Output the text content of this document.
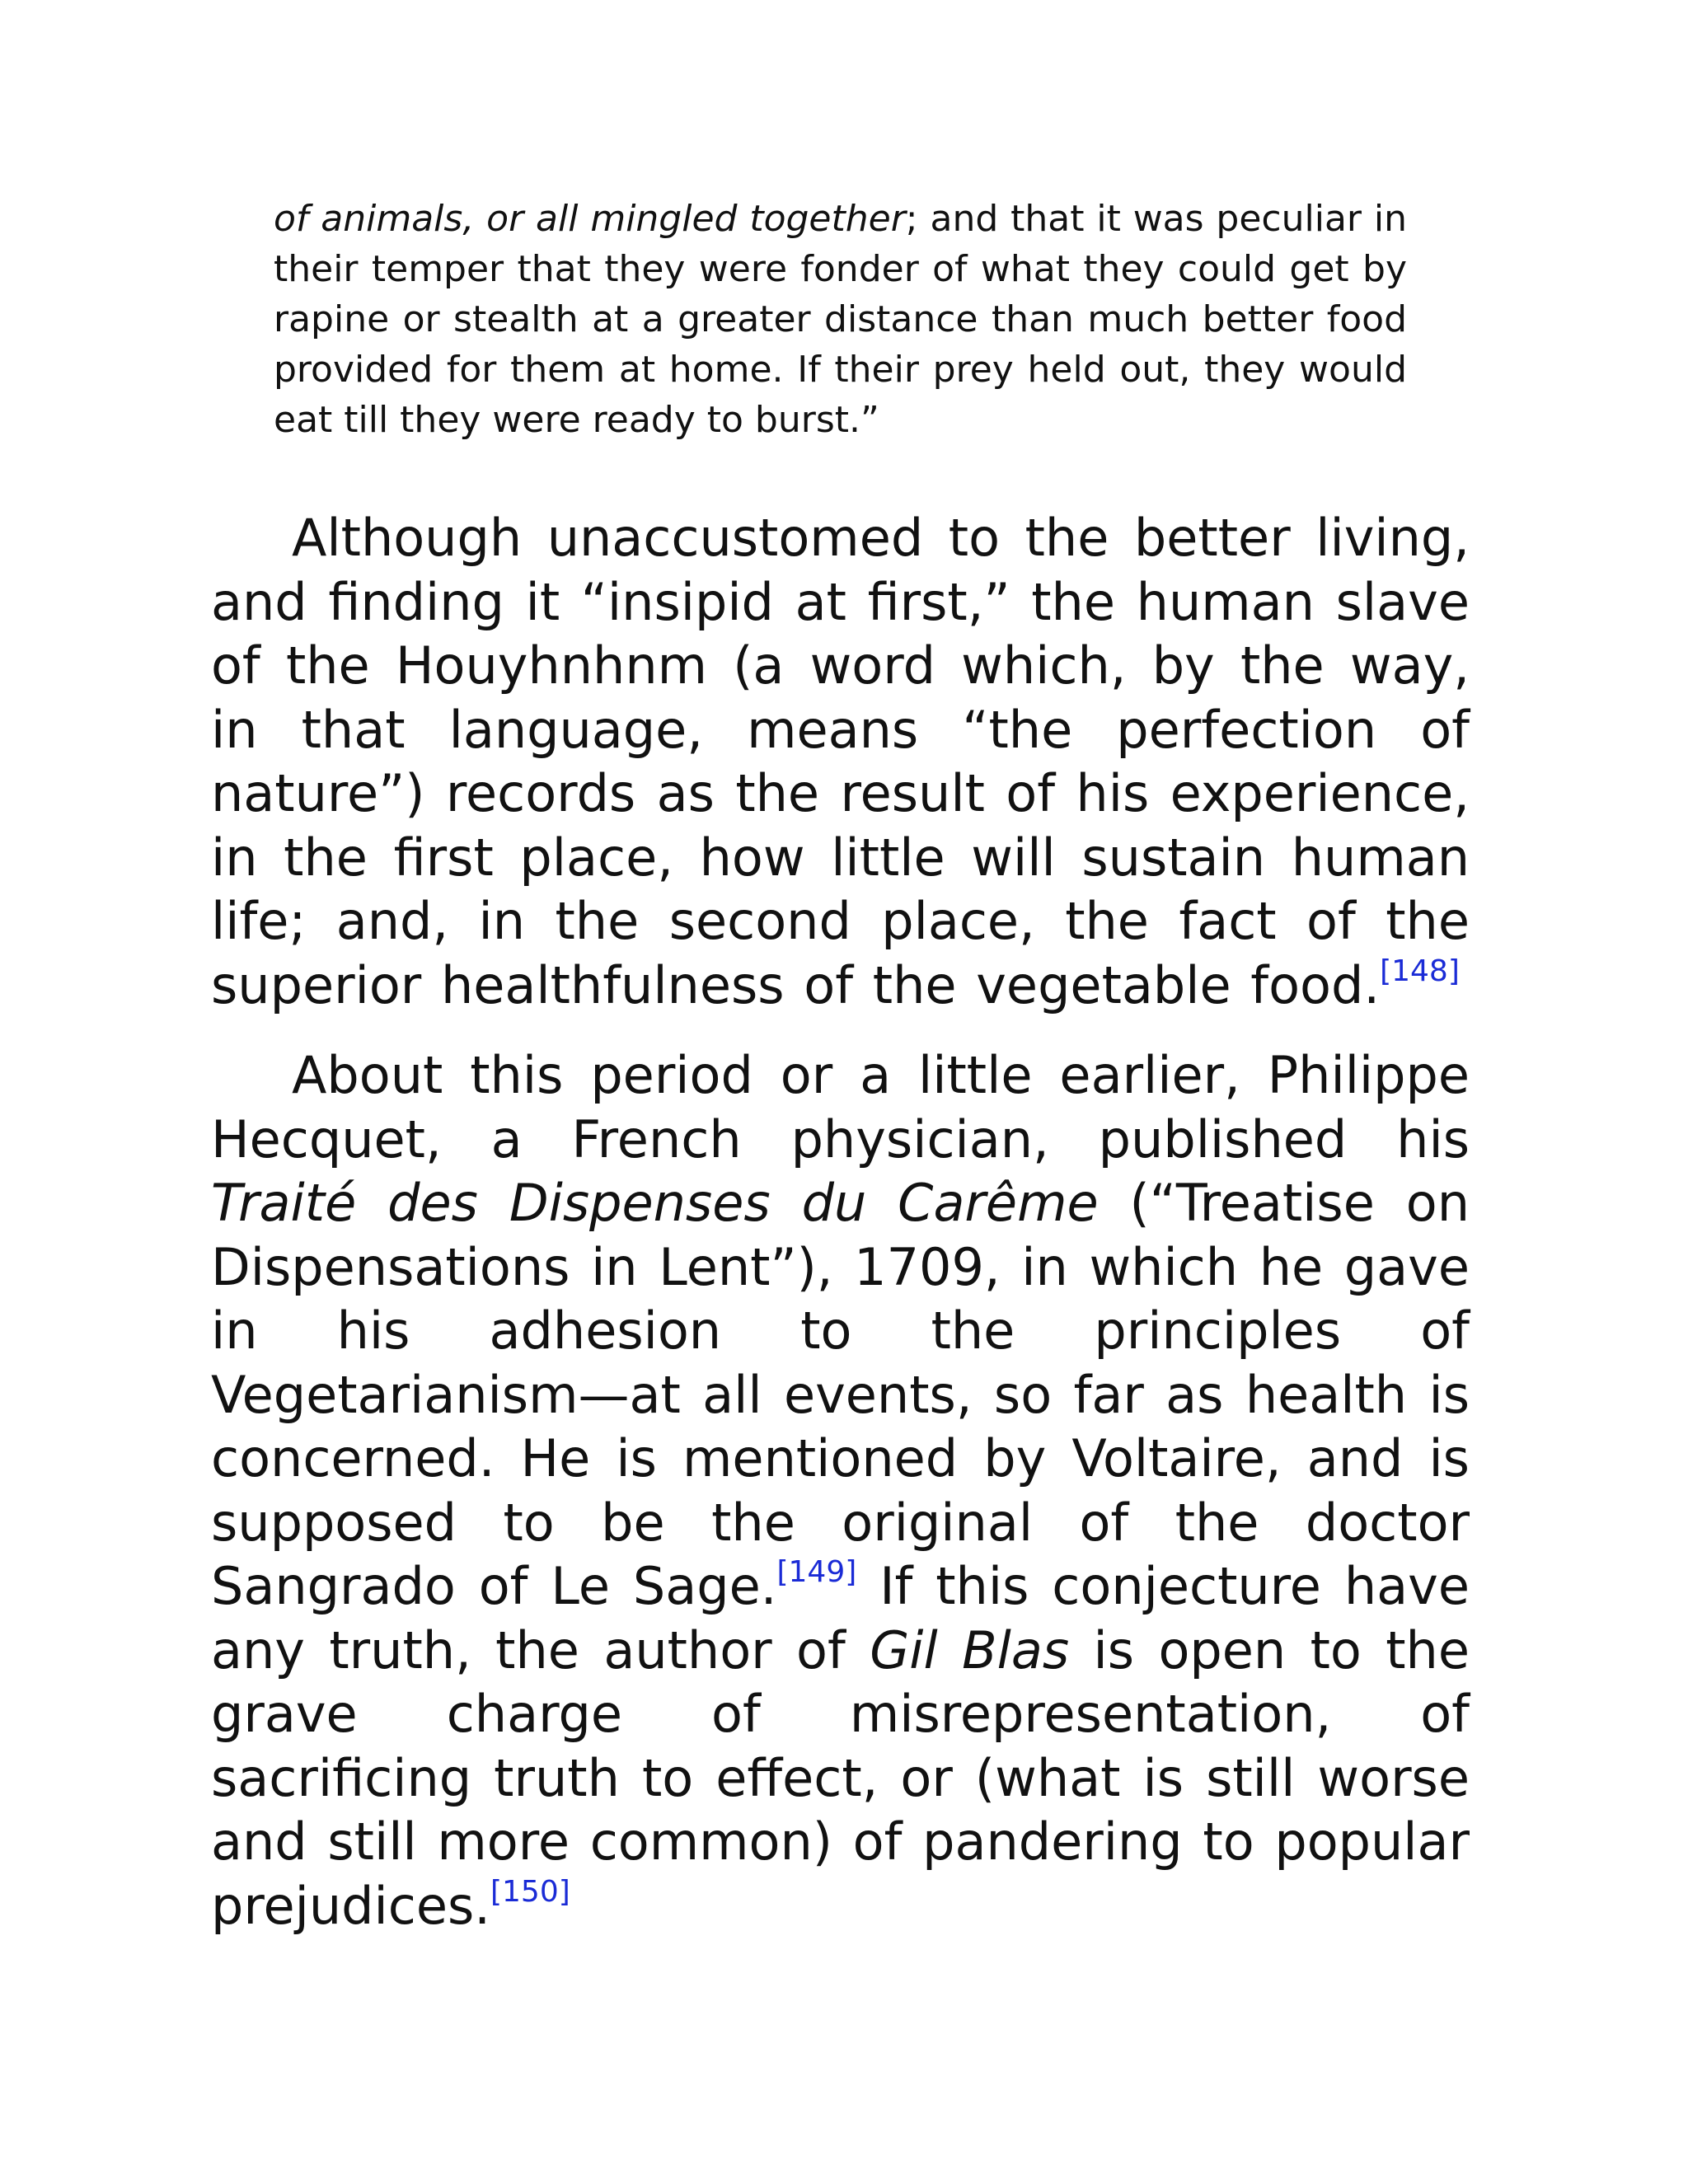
of animals, or all mingled together; and that it was peculiar in their temper that they were fonder of what they could get by rapine or stealth at a greater distance than much better food provided for them at home. If their prey held out, they would eat till they were ready to burst.”

Although unaccustomed to the better living, and finding it “insipid at first,” the human slave of the Houyhnhnm (a word which, by the way, in that language, means “the perfection of nature”) records as the result of his experience, in the first place, how little will sustain human life; and, in the second place, the fact of the superior healthfulness of the vegetable food.[148]

About this period or a little earlier, Philippe Hecquet, a French physician, published his Traité des Dispenses du Carême (“Treatise on Dispensations in Lent”), 1709, in which he gave in his adhesion to the principles of Vegetarianism—at all events, so far as health is concerned. He is mentioned by Voltaire, and is supposed to be the original of the doctor Sangrado of Le Sage.[149] If this conjecture have any truth, the author of Gil Blas is open to the grave charge of misrepresentation, of sacrificing truth to effect, or (what is still worse and still more common) of pandering to popular prejudices.[150]
